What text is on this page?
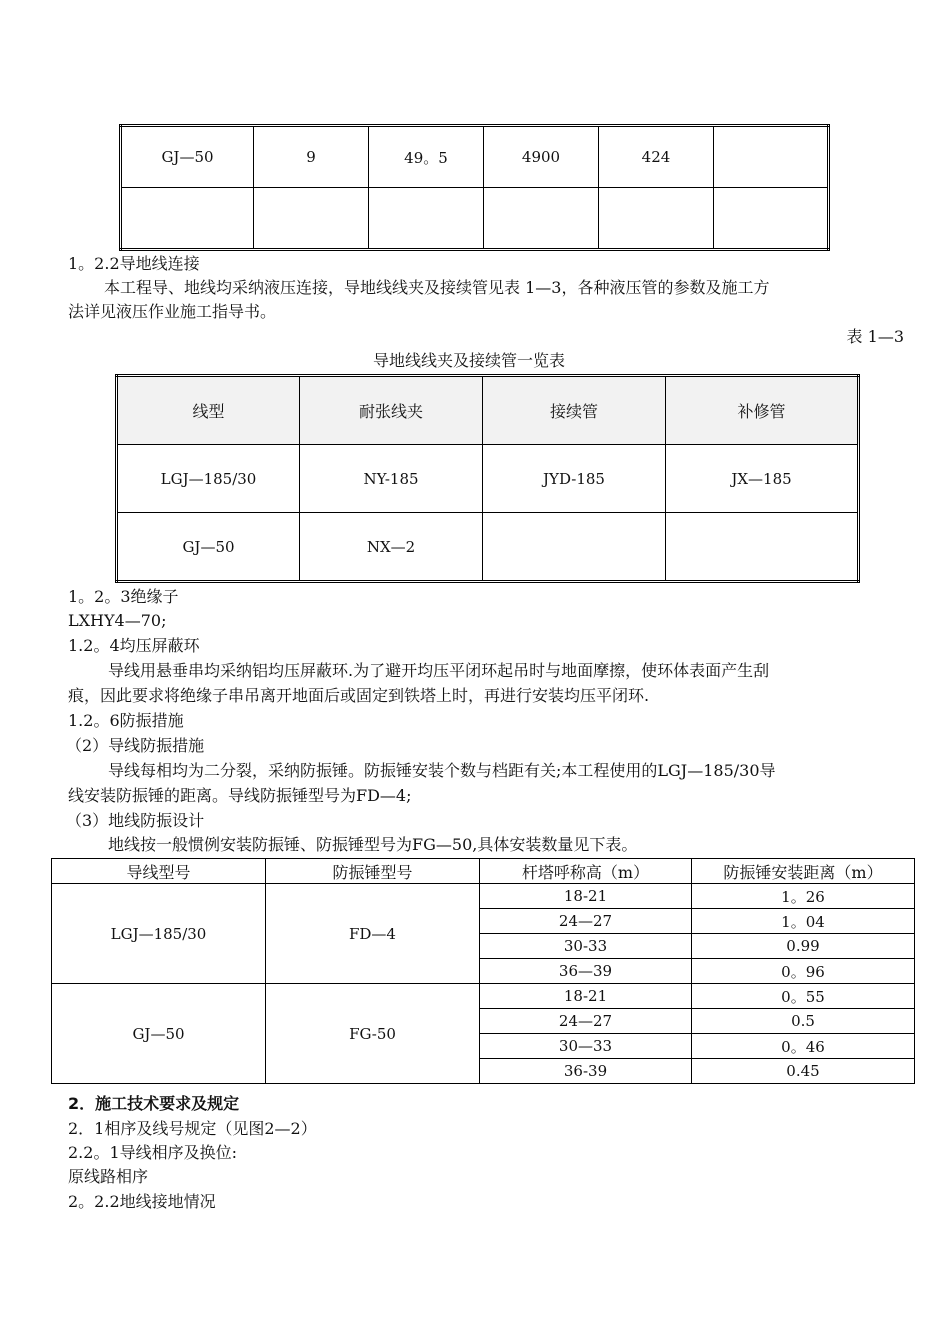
GJ—50	9	49。5	4900	424	

1。2.2导地线连接
本工程导、地线均采纳液压连接，导地线线夹及接续管见表 1—3，各种液压管的参数及施工方
法详见液压作业施工指导书。
表 1—3
导地线线夹及接续管一览表
线型	耐张线夹	接续管	补修管
LGJ—185/30	NY-185	JYD-185	JX—185
GJ—50	NX—2		
1。2。3绝缘子
LXHY4—70;
1.2。4均压屏蔽环
导线用悬垂串均采纳铝均压屏蔽环.为了避开均压平闭环起吊时与地面摩擦，使环体表面产生刮
痕，因此要求将绝缘子串吊离开地面后或固定到铁塔上时，再进行安装均压平闭环.
1.2。6防振措施
（2）导线防振措施
导线每相均为二分裂，采纳防振锤。防振锤安装个数与档距有关;本工程使用的LGJ—185/30导
线安装防振锤的距离。导线防振锤型号为FD—4;
（3）地线防振设计
地线按一般惯例安装防振锤、防振锤型号为FG—50,具体安装数量见下表。
导线型号	防振锤型号	杆塔呼称高（m）	防振锤安装距离（m）
LGJ—185/30	FD—4	18-21	1。26
		24—27	1。04
		30-33	0.99
		36—39	0。96
GJ—50	FG-50	18-21	0。55
		24—27	0.5
		30—33	0。46
		36-39	0.45
2．施工技术要求及规定
2．1相序及线号规定（见图2—2）
2.2。1导线相序及换位:
原线路相序
2。2.2地线接地情况
